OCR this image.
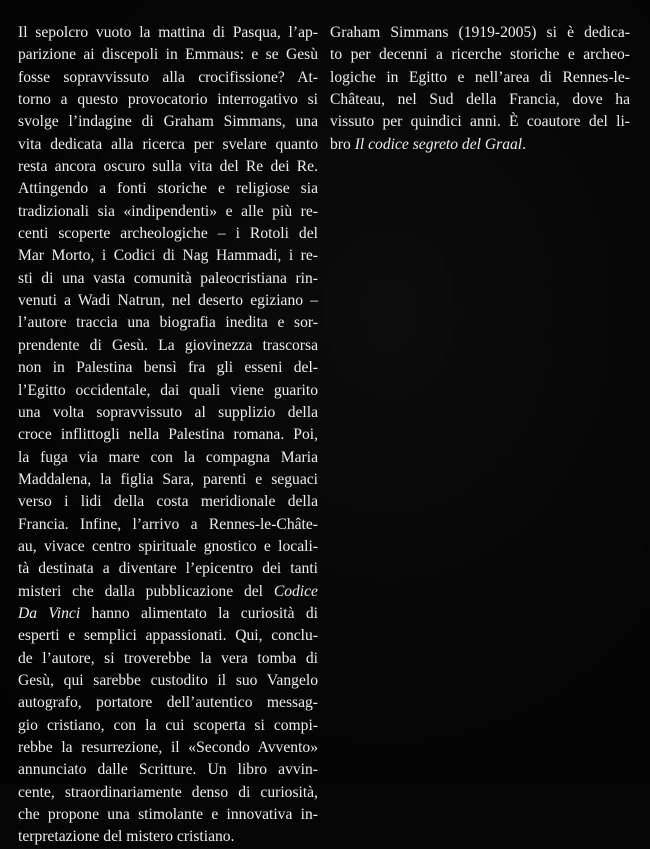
Il sepolcro vuoto la mattina di Pasqua, l’ap-
parizione ai discepoli in Emmaus: e se Gesù
fosse sopravvissuto alla crocifissione? At-
torno a questo provocatorio interrogativo si
svolge l’indagine di Graham Simmans, una
vita dedicata alla ricerca per svelare quanto
resta ancora oscuro sulla vita del Re dei Re.
Attingendo a fonti storiche e religiose sia
tradizionali sia «indipendenti» e alle più re-
centi scoperte archeologiche – i Rotoli del
Mar Morto, i Codici di Nag Hammadi, i re-
sti di una vasta comunità paleocristiana rin-
venuti a Wadi Natrun, nel deserto egiziano –
l’autore traccia una biografia inedita e sor-
prendente di Gesù. La giovinezza trascorsa
non in Palestina bensì fra gli esseni del-
l’Egitto occidentale, dai quali viene guarito
una volta sopravvissuto al supplizio della
croce inflittogli nella Palestina romana. Poi,
la fuga via mare con la compagna Maria
Maddalena, la figlia Sara, parenti e seguaci
verso i lidi della costa meridionale della
Francia. Infine, l’arrivo a Rennes-le-Châte-
au, vivace centro spirituale gnostico e locali-
tà destinata a diventare l’epicentro dei tanti
misteri che dalla pubblicazione del Codice
Da Vinci hanno alimentato la curiosità di
esperti e semplici appassionati. Qui, conclu-
de l’autore, si troverebbe la vera tomba di
Gesù, qui sarebbe custodito il suo Vangelo
autografo, portatore dell’autentico messag-
gio cristiano, con la cui scoperta si compi-
rebbe la resurrezione, il «Secondo Avvento»
annunciato dalle Scritture. Un libro avvin-
cente, straordinariamente denso di curiosità,
che propone una stimolante e innovativa in-
terpretazione del mistero cristiano.
Graham Simmans (1919-2005) si è dedica-
to per decenni a ricerche storiche e archeo-
logiche in Egitto e nell’area di Rennes-le-
Château, nel Sud della Francia, dove ha
vissuto per quindici anni. È coautore del li-
bro Il codice segreto del Graal.
